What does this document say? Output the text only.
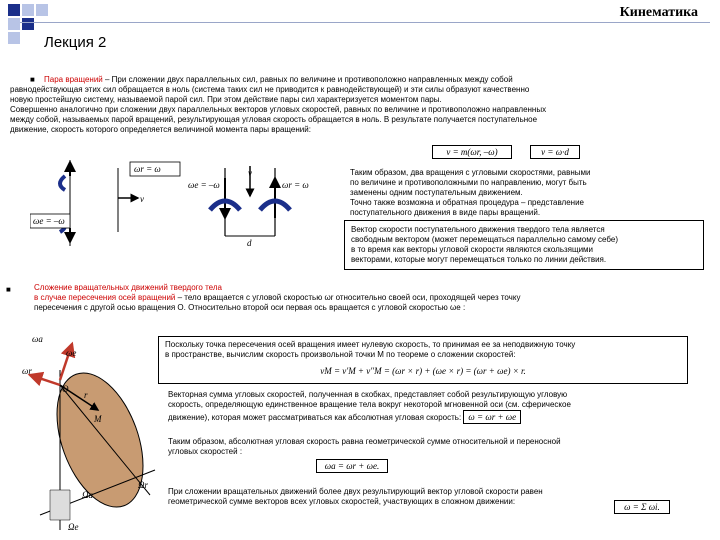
Кинематика
Лекция 2
■	Пара вращений – При сложении двух параллельных сил, равных по величине и противоположно направленных между собой
равнодействующая этих сил обращается в ноль (система таких сил не приводится к равнодействующей) и эти силы образуют качественно
новую простейшую систему, называемой парой сил. При этом действие пары сил характеризуется моментом пары.
Совершенно аналогично при сложении двух параллельных векторов угловых скоростей, равных по величине и противоположно направленных
между собой, называемых парой вращений, результирующая угловая скорость обращается в ноль. В результате получается поступательное
движение, скорость которого определяется величиной момента пары вращений:
v = m(ωr, –ω)	v = ω·d
v
ωr = ω
ωe = –ω
v
ωe = –ω	ωr = ω
d
Таким образом, два вращения с угловыми скоростями, равными
по величине и противоположными по направлению, могут быть
заменены одним поступательным движением.
Точно также возможна и обратная процедура – представление
поступательного движения в виде пары вращений.
Вектор скорости поступательного движения твердого тела является
свободным вектором (может перемещаться параллельно самому себе)
в то время как векторы угловой скорости являются скользящими
векторами, которые могут перемещаться только по линии действия.
■	Сложение вращательных движений твердого тела
в случае пересечения осей вращений – тело вращается с угловой скоростью ωr относительно своей оси, проходящей через точку
пересечения с другой осью вращения О. Относительно второй оси первая ось вращается с угловой скоростью ωe :
Поскольку точка пересечения осей вращения имеет нулевую скорость, то принимая ее за неподвижную точку
в пространстве, вычислим скорость произвольной точки М по теореме о сложении скоростей:
vM = v'M + v''M = (ωr × r) + (ωe × r) = (ωr + ωe) × r.
Векторная сумма угловых скоростей, полученная в скобках, представляет собой результирующую угловую
скорость, определяющую единственное вращение тела вокруг некоторой мгновенной оси (см. сферическое
движение), которая может рассматриваться как абсолютная угловая скорость: ω = ωr + ωe
Таким образом, абсолютная угловая скорость равна геометрической сумме относительной и переносной
угловых скоростей :
ωa = ωr + ωe.
При сложении вращательных движений более двух результирующий вектор угловой скорости равен
геометрической сумме векторов всех угловых скоростей, участвующих в сложном движении:
ω = Σ ωi.
ωa
ωe
ωr
O
r
M
Ωr
Ωa
Ωe
